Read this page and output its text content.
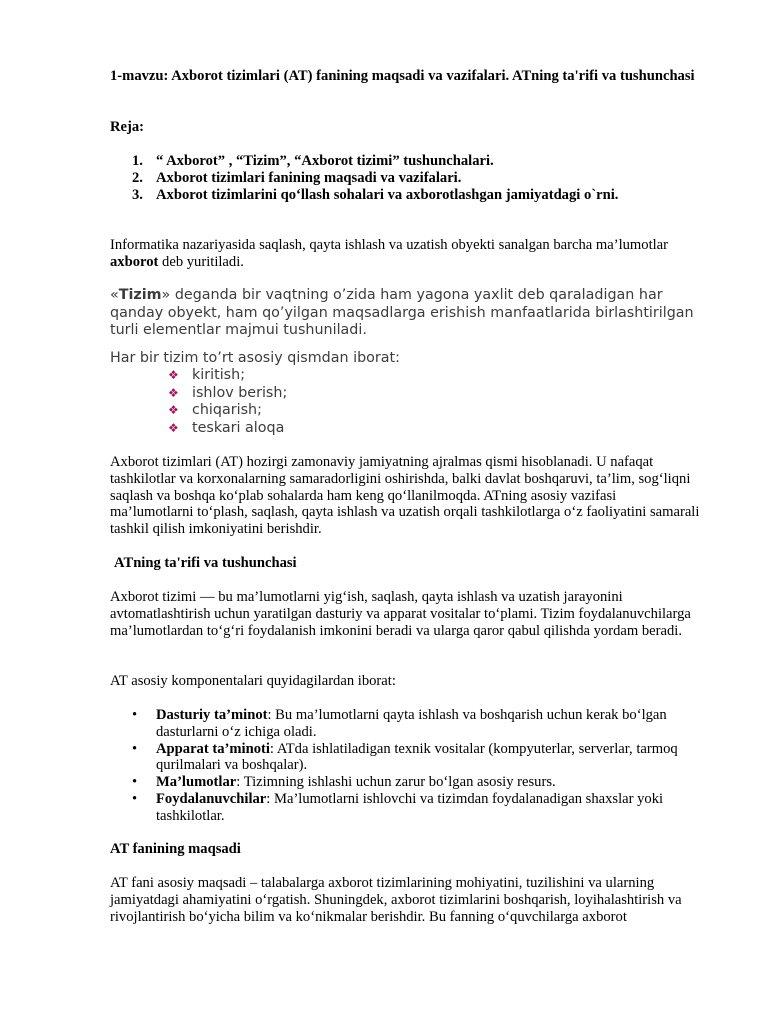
1-mavzu: Axborot tizimlari (AT) fanining maqsadi va vazifalari. ATning ta'rifi va tushunchasi

Reja:

1. “ Axborot” , “Tizim”, “Axborot tizimi” tushunchalari.
2. Axborot tizimlari fanining maqsadi va vazifalari.
3. Axborot tizimlarini qo‘llash sohalari va axborotlashgan jamiyatdagi o`rni.

Informatika nazariyasida saqlash, qayta ishlash va uzatish obyekti sanalgan barcha ma’lumotlar axborot deb yuritiladi.

«Tizim» deganda bir vaqtning o’zida ham yagona yaxlit deb qaraladigan har qanday obyekt, ham qo’yilgan maqsadlarga erishish manfaatlarida birlashtirilgan turli elementlar majmui tushuniladi.

Har bir tizim to’rt asosiy qismdan iborat:

❖ kiritish;
❖ ishlov berish;
❖ chiqarish;
❖ teskari aloqa

Axborot tizimlari (AT) hozirgi zamonaviy jamiyatning ajralmas qismi hisoblanadi. U nafaqat tashkilotlar va korxonalarning samaradorligini oshirishda, balki davlat boshqaruvi, ta’lim, sog‘liqni saqlash va boshqa ko‘plab sohalarda ham keng qo‘llanilmoqda. ATning asosiy vazifasi ma’lumotlarni to‘plash, saqlash, qayta ishlash va uzatish orqali tashkilotlarga o‘z faoliyatini samarali tashkil qilish imkoniyatini berishdir.

ATning ta'rifi va tushunchasi

Axborot tizimi — bu ma’lumotlarni yig‘ish, saqlash, qayta ishlash va uzatish jarayonini avtomatlashtirish uchun yaratilgan dasturiy va apparat vositalar to‘plami. Tizim foydalanuvchilarga ma’lumotlardan to‘g‘ri foydalanish imkonini beradi va ularga qaror qabul qilishda yordam beradi.

AT asosiy komponentalari quyidagilardan iborat:

• Dasturiy ta’minot: Bu ma’lumotlarni qayta ishlash va boshqarish uchun kerak bo‘lgan dasturlarni o‘z ichiga oladi.
• Apparat ta’minoti: ATda ishlatiladigan texnik vositalar (kompyuterlar, serverlar, tarmoq qurilmalari va boshqalar).
• Ma’lumotlar: Tizimning ishlashi uchun zarur bo‘lgan asosiy resurs.
• Foydalanuvchilar: Ma’lumotlarni ishlovchi va tizimdan foydalanadigan shaxslar yoki tashkilotlar.

AT fanining maqsadi

AT fani asosiy maqsadi – talabalarga axborot tizimlarining mohiyatini, tuzilishini va ularning jamiyatdagi ahamiyatini o‘rgatish. Shuningdek, axborot tizimlarini boshqarish, loyihalashtirish va rivojlantirish bo‘yicha bilim va ko‘nikmalar berishdir. Bu fanning o‘quvchilarga axborot
